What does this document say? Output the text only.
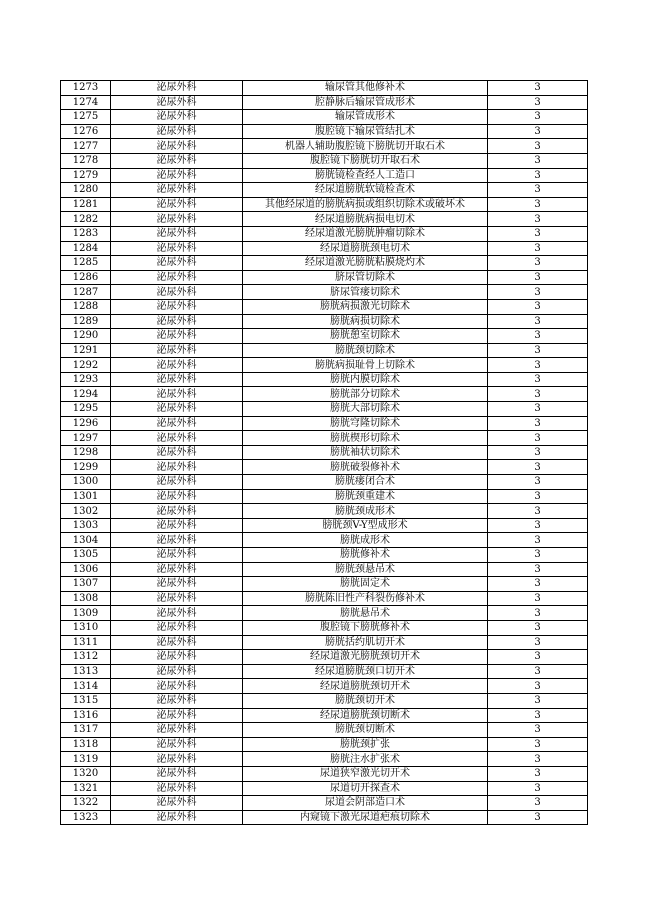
1273	泌尿外科	输尿管其他修补术	3
1274	泌尿外科	腔静脉后输尿管成形术	3
1275	泌尿外科	输尿管成形术	3
1276	泌尿外科	腹腔镜下输尿管结扎术	3
1277	泌尿外科	机器人辅助腹腔镜下膀胱切开取石术	3
1278	泌尿外科	腹腔镜下膀胱切开取石术	3
1279	泌尿外科	膀胱镜检查经人工造口	3
1280	泌尿外科	经尿道膀胱软镜检查术	3
1281	泌尿外科	其他经尿道的膀胱病损或组织切除术或破坏术	3
1282	泌尿外科	经尿道膀胱病损电切术	3
1283	泌尿外科	经尿道激光膀胱肿瘤切除术	3
1284	泌尿外科	经尿道膀胱颈电切术	3
1285	泌尿外科	经尿道激光膀胱粘膜烧灼术	3
1286	泌尿外科	脐尿管切除术	3
1287	泌尿外科	脐尿管瘘切除术	3
1288	泌尿外科	膀胱病损激光切除术	3
1289	泌尿外科	膀胱病损切除术	3
1290	泌尿外科	膀胱憩室切除术	3
1291	泌尿外科	膀胱颈切除术	3
1292	泌尿外科	膀胱病损耻骨上切除术	3
1293	泌尿外科	膀胱内膜切除术	3
1294	泌尿外科	膀胱部分切除术	3
1295	泌尿外科	膀胱大部切除术	3
1296	泌尿外科	膀胱穹隆切除术	3
1297	泌尿外科	膀胱楔形切除术	3
1298	泌尿外科	膀胱袖状切除术	3
1299	泌尿外科	膀胱破裂修补术	3
1300	泌尿外科	膀胱瘘闭合术	3
1301	泌尿外科	膀胱颈重建术	3
1302	泌尿外科	膀胱颈成形术	3
1303	泌尿外科	膀胱颈V-Y型成形术	3
1304	泌尿外科	膀胱成形术	3
1305	泌尿外科	膀胱修补术	3
1306	泌尿外科	膀胱颈悬吊术	3
1307	泌尿外科	膀胱固定术	3
1308	泌尿外科	膀胱陈旧性产科裂伤修补术	3
1309	泌尿外科	膀胱悬吊术	3
1310	泌尿外科	腹腔镜下膀胱修补术	3
1311	泌尿外科	膀胱括约肌切开术	3
1312	泌尿外科	经尿道激光膀胱颈切开术	3
1313	泌尿外科	经尿道膀胱颈口切开术	3
1314	泌尿外科	经尿道膀胱颈切开术	3
1315	泌尿外科	膀胱颈切开术	3
1316	泌尿外科	经尿道膀胱颈切断术	3
1317	泌尿外科	膀胱颈切断术	3
1318	泌尿外科	膀胱颈扩张	3
1319	泌尿外科	膀胱注水扩张术	3
1320	泌尿外科	尿道狭窄激光切开术	3
1321	泌尿外科	尿道切开探查术	3
1322	泌尿外科	尿道会阴部造口术	3
1323	泌尿外科	内窥镜下激光尿道疤痕切除术	3
